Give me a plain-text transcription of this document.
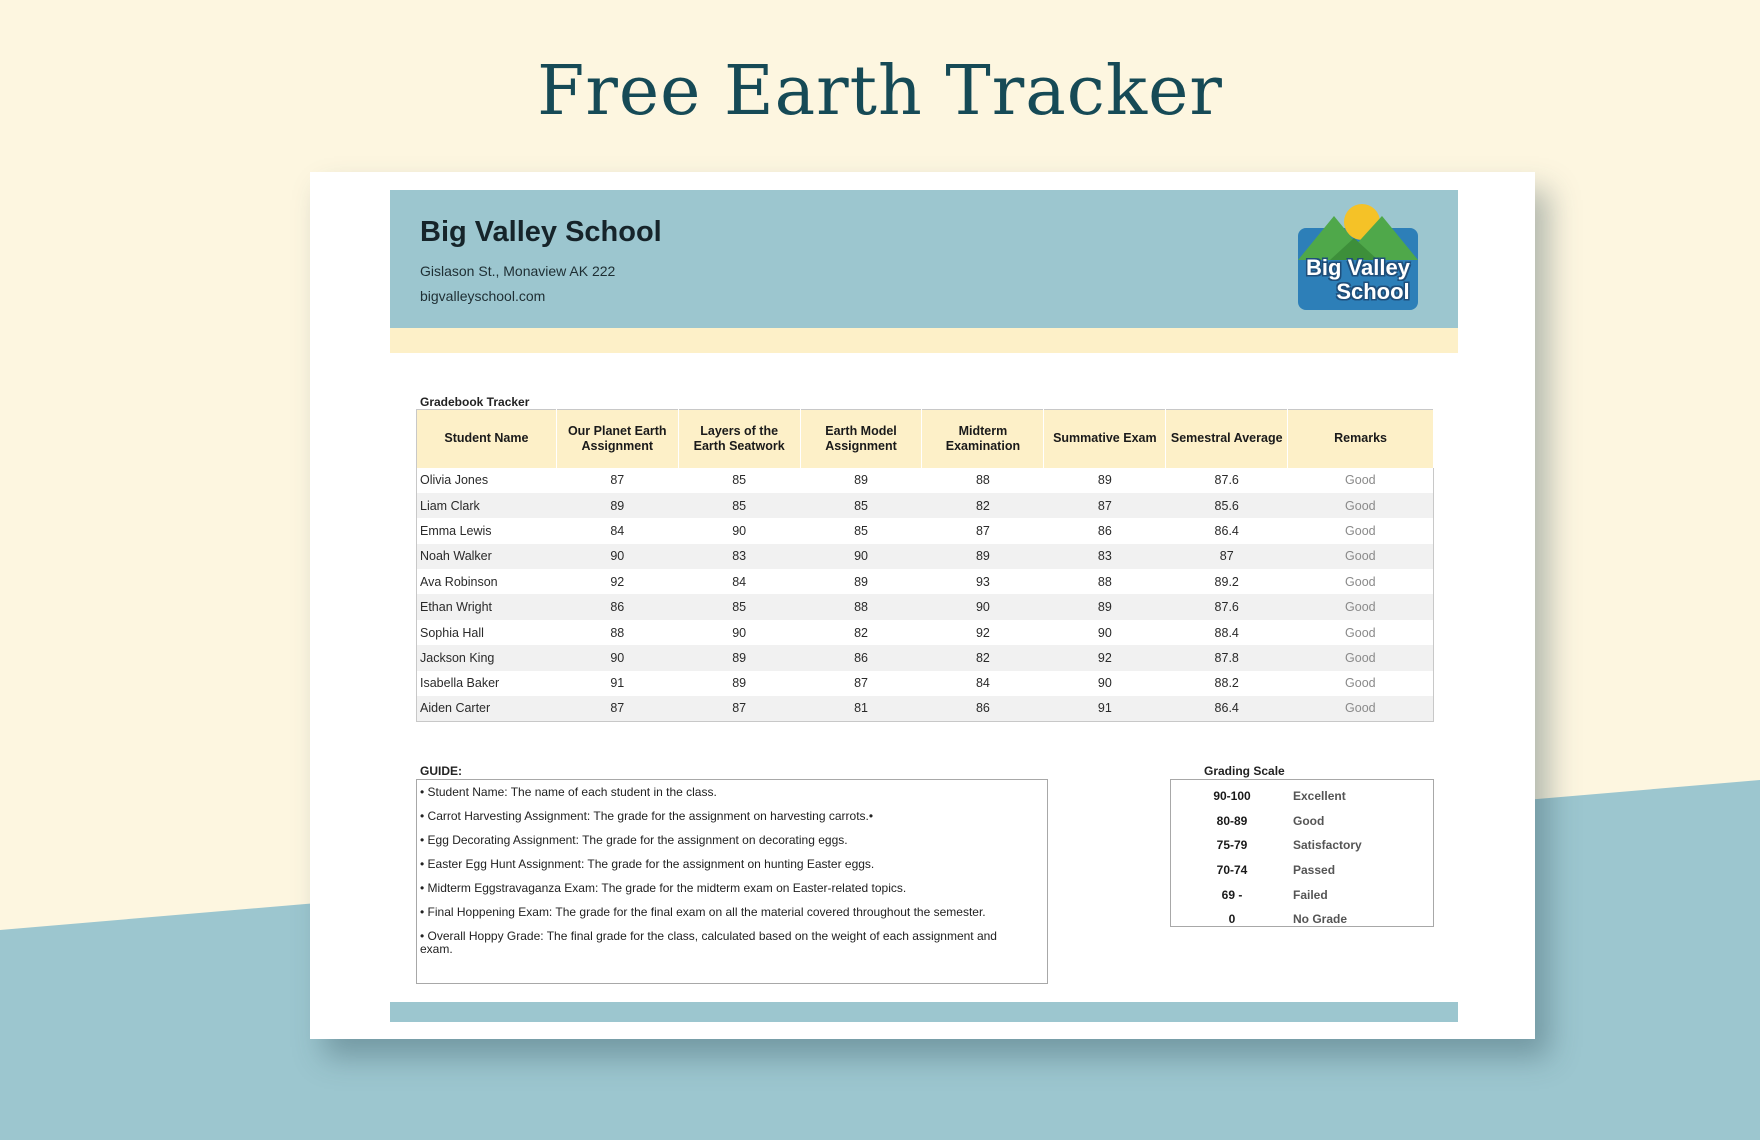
Free Earth Tracker
Big Valley School
Gislason St., Monaview AK 222
bigvalleyschool.com
Big Valley
School
Gradebook Tracker
Student Name	Our Planet Earth Assignment	Layers of the Earth Seatwork	Earth Model Assignment	Midterm Examination	Summative Exam	Semestral Average	Remarks
Olivia Jones	87	85	89	88	89	87.6	Good
Liam Clark	89	85	85	82	87	85.6	Good
Emma Lewis	84	90	85	87	86	86.4	Good
Noah Walker	90	83	90	89	83	87	Good
Ava Robinson	92	84	89	93	88	89.2	Good
Ethan Wright	86	85	88	90	89	87.6	Good
Sophia Hall	88	90	82	92	90	88.4	Good
Jackson King	90	89	86	82	92	87.8	Good
Isabella Baker	91	89	87	84	90	88.2	Good
Aiden Carter	87	87	81	86	91	86.4	Good
GUIDE:
• Student Name: The name of each student in the class.
• Carrot Harvesting Assignment: The grade for the assignment on harvesting carrots.•
• Egg Decorating Assignment: The grade for the assignment on decorating eggs.
• Easter Egg Hunt Assignment: The grade for the assignment on hunting Easter eggs.
• Midterm Eggstravaganza Exam: The grade for the midterm exam on Easter-related topics.
• Final Hoppening Exam: The grade for the final exam on all the material covered throughout the semester.
• Overall Hoppy Grade: The final grade for the class, calculated based on the weight of each assignment and exam.
Grading Scale
90-100	Excellent
80-89	Good
75-79	Satisfactory
70-74	Passed
69 -	Failed
0	No Grade
